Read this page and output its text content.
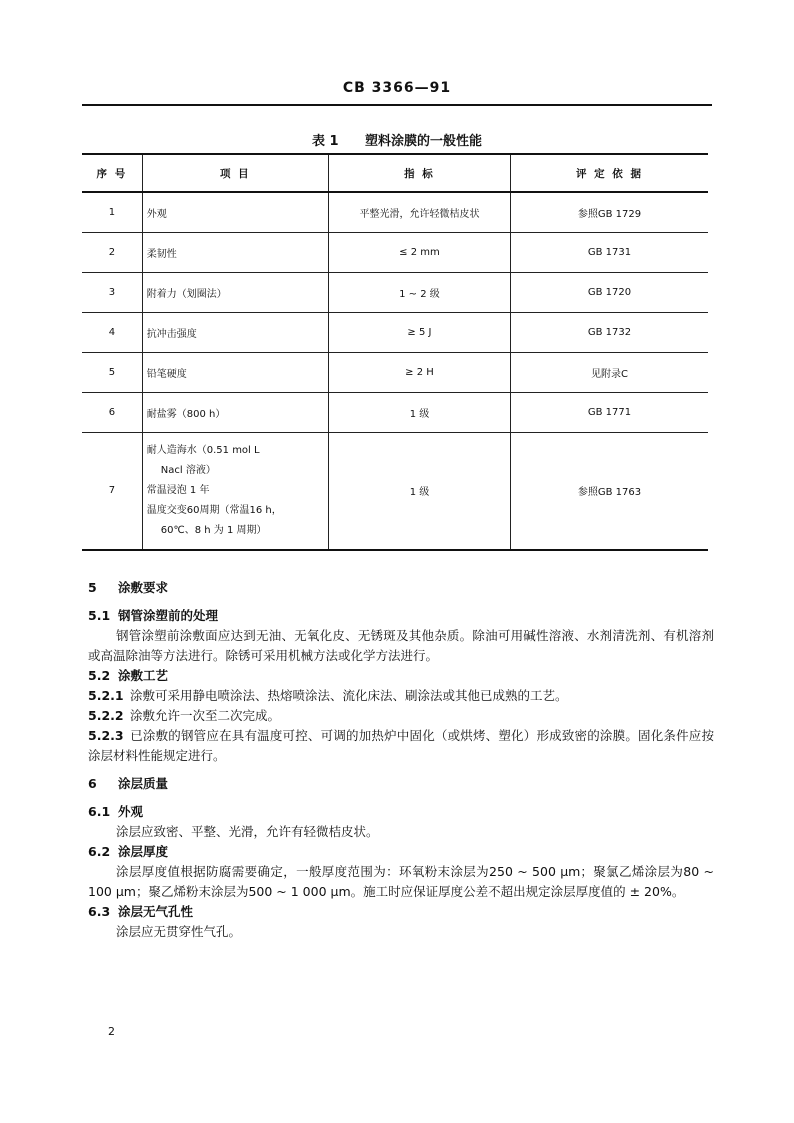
CB 3366—91
表 1 塑料涂膜的一般性能
序 号	项 目	指 标	评 定 依 据
1	外观	平整光滑，允许轻微桔皮状	参照GB 1729
2	柔韧性	≤ 2 mm	GB 1731
3	附着力（划圈法）	1 ~ 2 级	GB 1720
4	抗冲击强度	≥ 5 J	GB 1732
5	铅笔硬度	≥ 2 H	见附录C
6	耐盐雾（800 h）	1 级	GB 1771
7	耐人造海水（0.51 mol L
Nacl 溶液）
常温浸泡 1 年
温度交变60周期（常温16 h，
60℃、8 h 为 1 周期）	1 级	参照GB 1763

5 涂敷要求

5.1 钢管涂塑前的处理

钢管涂塑前涂敷面应达到无油、无氧化皮、无锈斑及其他杂质。除油可用碱性溶液、水剂清洗剂、有机溶剂或高温除油等方法进行。除锈可采用机械方法或化学方法进行。

5.2 涂敷工艺

5.2.1 涂敷可采用静电喷涂法、热熔喷涂法、流化床法、刷涂法或其他已成熟的工艺。

5.2.2 涂敷允许一次至二次完成。

5.2.3 已涂敷的钢管应在具有温度可控、可调的加热炉中固化（或烘烤、塑化）形成致密的涂膜。固化条件应按涂层材料性能规定进行。

6 涂层质量

6.1 外观

涂层应致密、平整、光滑，允许有轻微桔皮状。

6.2 涂层厚度

涂层厚度值根据防腐需要确定，一般厚度范围为：环氧粉末涂层为250 ~ 500 μm；聚氯乙烯涂层为80 ~ 100 μm；聚乙烯粉末涂层为500 ~ 1 000 μm。施工时应保证厚度公差不超出规定涂层厚度值的 ± 20%。

6.3 涂层无气孔性

涂层应无贯穿性气孔。

2
